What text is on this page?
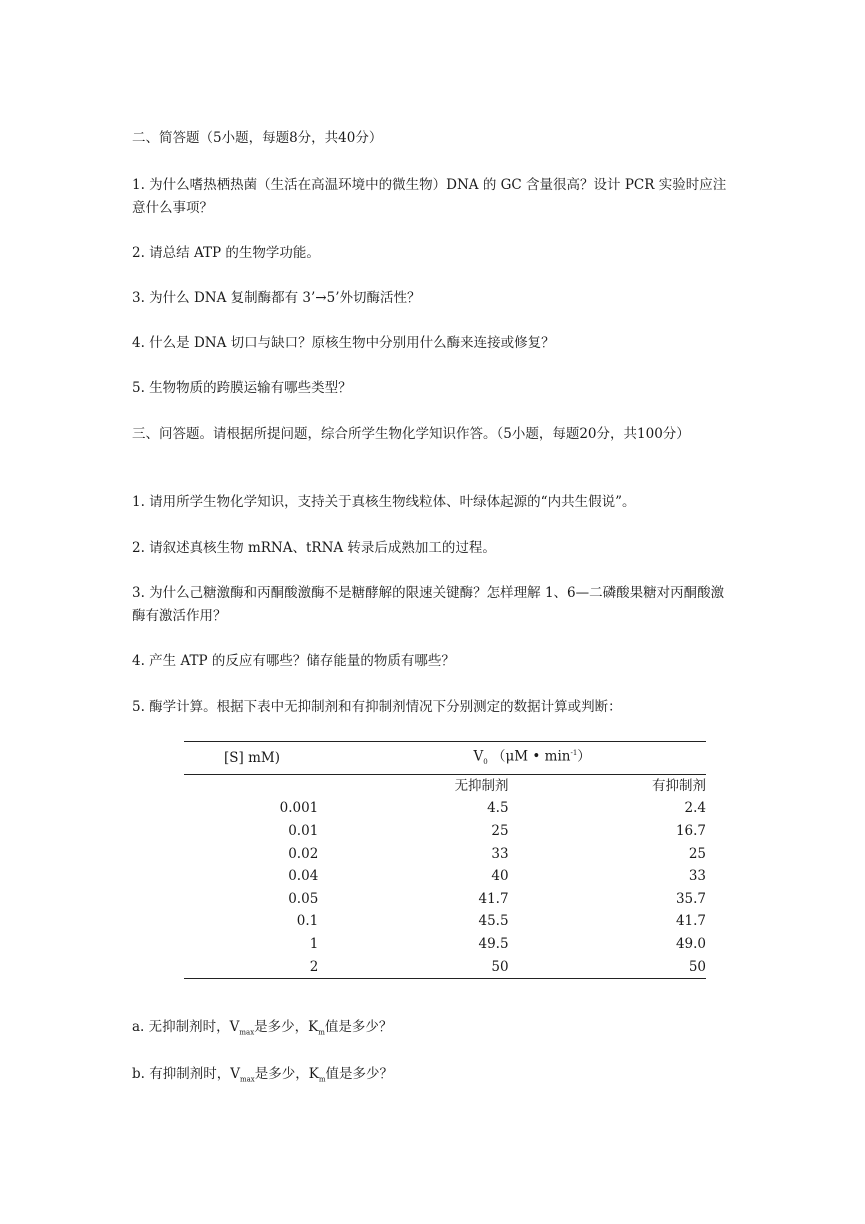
二、简答题（5小题，每题8分，共40分）

1. 为什么嗜热栖热菌（生活在高温环境中的微生物）DNA 的 GC 含量很高？设计 PCR 实验时应注意什么事项？

2. 请总结 ATP 的生物学功能。

3. 为什么 DNA 复制酶都有 3’→5’外切酶活性？

4. 什么是 DNA 切口与缺口？原核生物中分别用什么酶来连接或修复？

5. 生物物质的跨膜运输有哪些类型？

三、问答题。请根据所提问题，综合所学生物化学知识作答。（5小题，每题20分，共100分）

1. 请用所学生物化学知识，支持关于真核生物线粒体、叶绿体起源的“内共生假说”。

2. 请叙述真核生物 mRNA、tRNA 转录后成熟加工的过程。

3. 为什么己糖激酶和丙酮酸激酶不是糖酵解的限速关键酶？怎样理解 1、6—二磷酸果糖对丙酮酸激酶有激活作用？

4. 产生 ATP 的反应有哪些？储存能量的物质有哪些？

5. 酶学计算。根据下表中无抑制剂和有抑制剂情况下分别测定的数据计算或判断：

[S] mM)	$V_0$ （μM • $\min^{-1}$）	
	无抑制剂	有抑制剂
0.001	4.5	2.4
0.01	25	16.7
0.02	33	25
0.04	40	33
0.05	41.7	35.7
0.1	45.5	41.7
1	49.5	49.0
2	50	50

a. 无抑制剂时，$V_{max}$是多少，$K_m$值是多少？

b. 有抑制剂时，$V_{max}$是多少，$K_m$值是多少？
